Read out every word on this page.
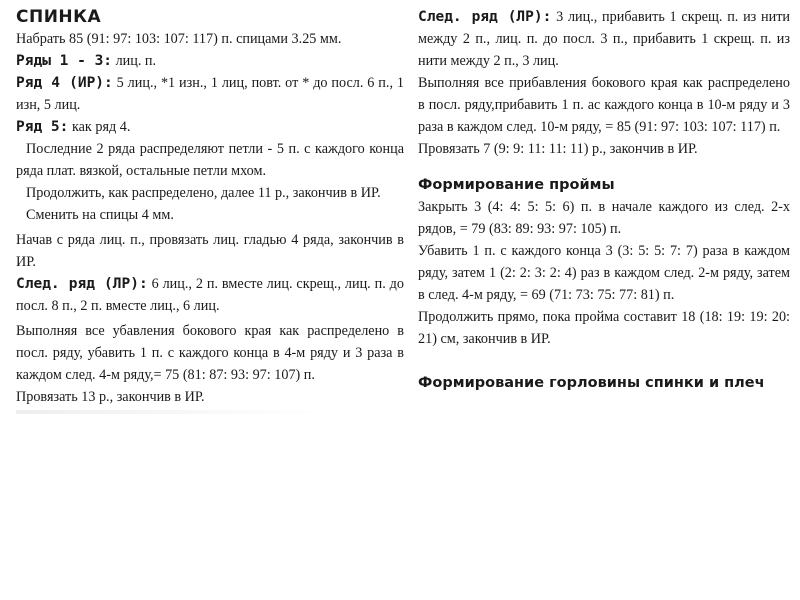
СПИНКА

Набрать 85 (91: 97: 103: 107: 117) п. спицами 3.25 мм.

Ряды 1 - 3: лиц. п.

Ряд 4 (ИР): 5 лиц., *1 изн., 1 лиц, повт. от * до посл. 6 п., 1 изн, 5 лиц.

Ряд 5: как ряд 4.

Последние 2 ряда распределяют петли - 5 п. с каждого конца ряда плат. вязкой, остальные петли мхом.

Продолжить, как распределено, далее 11 р., закончив в ИР.

Сменить на спицы 4 мм.

Начав с ряда лиц. п., провязать лиц. гладью 4 ряда, закончив в ИР.

След. ряд (ЛР): 6 лиц., 2 п. вместе лиц. скрещ., лиц. п. до посл. 8 п., 2 п. вместе лиц., 6 лиц.

Выполняя все убавления бокового края как распределено в посл. ряду, убавить 1 п. с каждого конца в 4-м ряду и 3 раза в каждом след. 4-м ряду,= 75 (81: 87: 93: 97: 107) п.

Провязать 13 р., закончив в ИР.

След. ряд (ЛР): 3 лиц., прибавить 1 скрещ. п. из нити между 2 п., лиц. п. до посл. 3 п., прибавить 1 скрещ. п. из нити между 2 п., 3 лиц.

Выполняя все прибавления бокового края как распределено в посл. ряду,прибавить 1 п. ас каждого конца в 10-м ряду и 3 раза в каждом след. 10-м ряду, = 85 (91: 97: 103: 107: 117) п.

Провязать 7 (9: 9: 11: 11: 11) р., закончив в ИР.

Формирование проймы

Закрыть 3 (4: 4: 5: 5: 6) п. в начале каждого из след. 2-х рядов, = 79 (83: 89: 93: 97: 105) п.

Убавить 1 п. с каждого конца 3 (3: 5: 5: 7: 7) раза в каждом ряду, затем 1 (2: 2: 3: 2: 4) раз в каждом след. 2-м ряду, затем в след. 4-м ряду, = 69 (71: 73: 75: 77: 81) п.

Продолжить прямо, пока пройма составит 18 (18: 19: 19: 20: 21) см, закончив в ИР.

Формирование горловины спинки и плеч
